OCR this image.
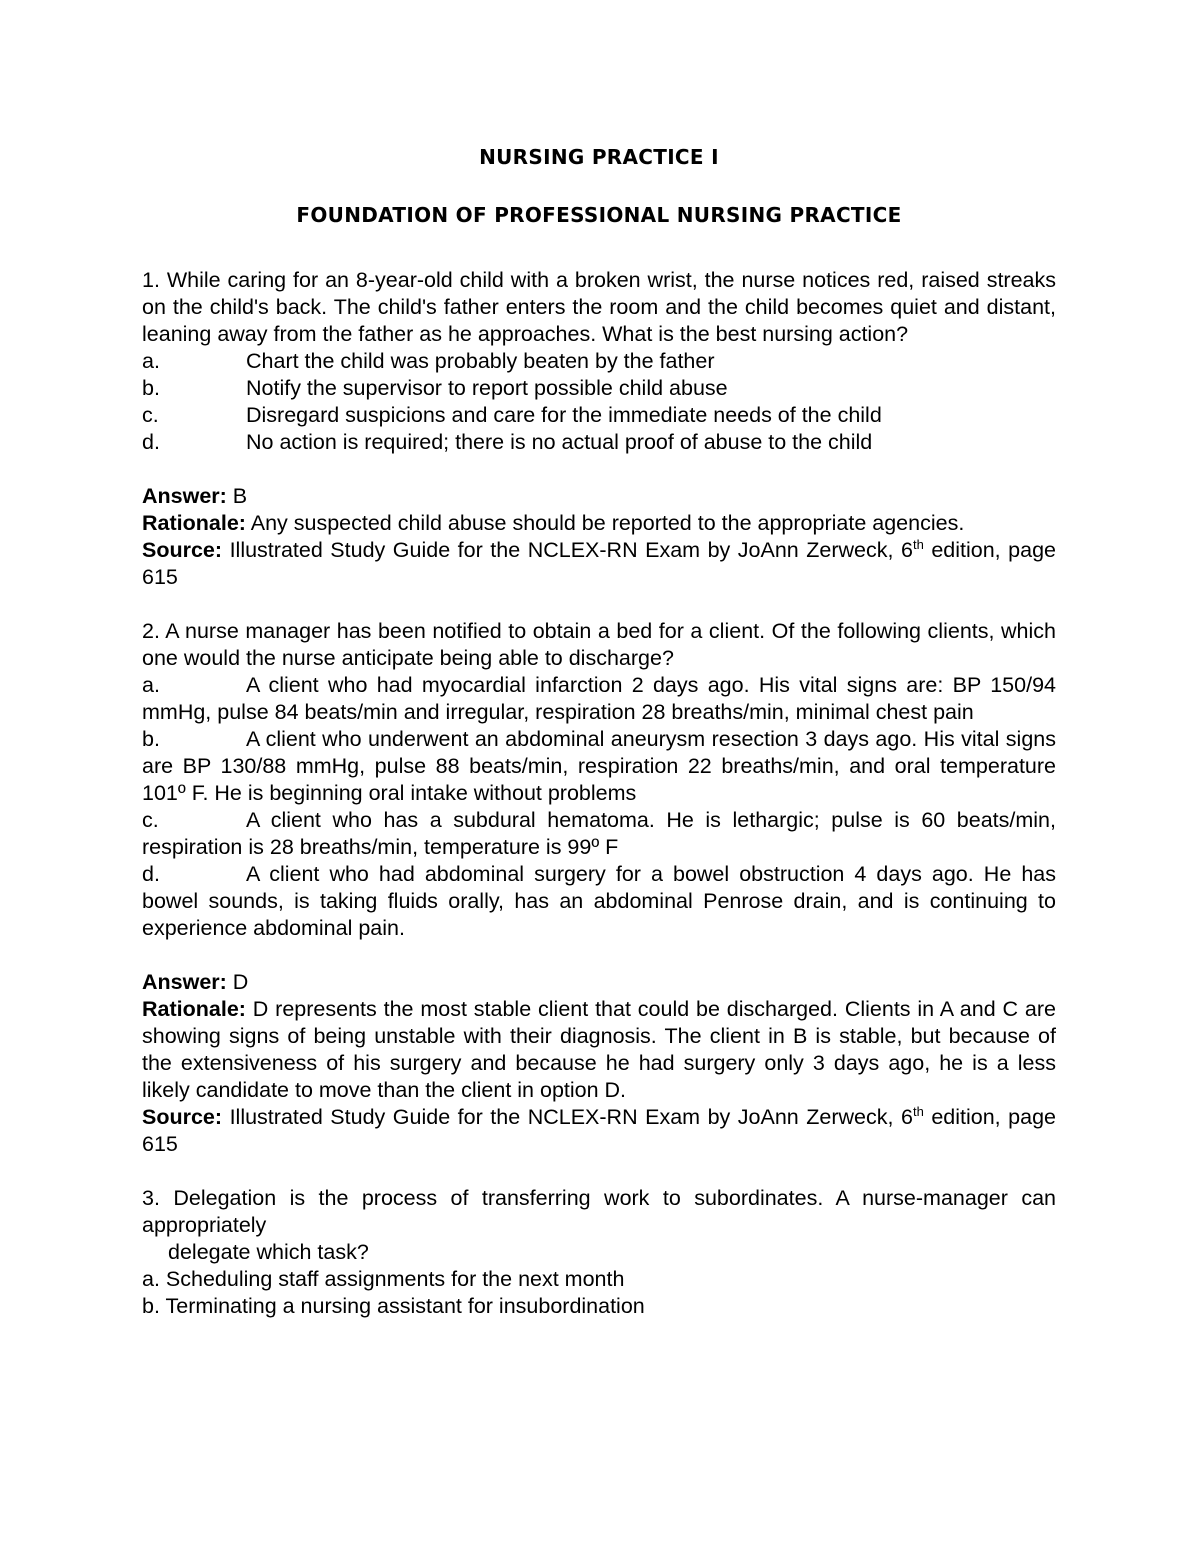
NURSING PRACTICE I

FOUNDATION OF PROFESSIONAL NURSING PRACTICE

1. While caring for an 8-year-old child with a broken wrist, the nurse notices red, raised streaks on the child's back. The child's father enters the room and the child becomes quiet and distant, leaning away from the father as he approaches. What is the best nursing action?

a.	Chart the child was probably beaten by the father
b.	Notify the supervisor to report possible child abuse
c.	Disregard suspicions and care for the immediate needs of the child
d.	No action is required; there is no actual proof of abuse to the child

Answer: B

Rationale: Any suspected child abuse should be reported to the appropriate agencies.

Source: Illustrated Study Guide for the NCLEX-RN Exam by JoAnn Zerweck, 6th edition, page 615

2. A nurse manager has been notified to obtain a bed for a client. Of the following clients, which one would the nurse anticipate being able to discharge?

a.	A client who had myocardial infarction 2 days ago. His vital signs are: BP 150/94 mmHg, pulse 84 beats/min and irregular, respiration 28 breaths/min, minimal chest pain

b.	A client who underwent an abdominal aneurysm resection 3 days ago. His vital signs are BP 130/88 mmHg, pulse 88 beats/min, respiration 22 breaths/min, and oral temperature 101º F. He is beginning oral intake without problems

c.	A client who has a subdural hematoma. He is lethargic; pulse is 60 beats/min, respiration is 28 breaths/min, temperature is 99º F

d.	A client who had abdominal surgery for a bowel obstruction 4 days ago. He has bowel sounds, is taking fluids orally, has an abdominal Penrose drain, and is continuing to experience abdominal pain.

Answer: D

Rationale: D represents the most stable client that could be discharged. Clients in A and C are showing signs of being unstable with their diagnosis. The client in B is stable, but because of the extensiveness of his surgery and because he had surgery only 3 days ago, he is a less likely candidate to move than the client in option D.

Source: Illustrated Study Guide for the NCLEX-RN Exam by JoAnn Zerweck, 6th edition, page 615

3. Delegation is the process of transferring work to subordinates. A nurse-manager can appropriately

delegate which task?

a. Scheduling staff assignments for the next month

b. Terminating a nursing assistant for insubordination
